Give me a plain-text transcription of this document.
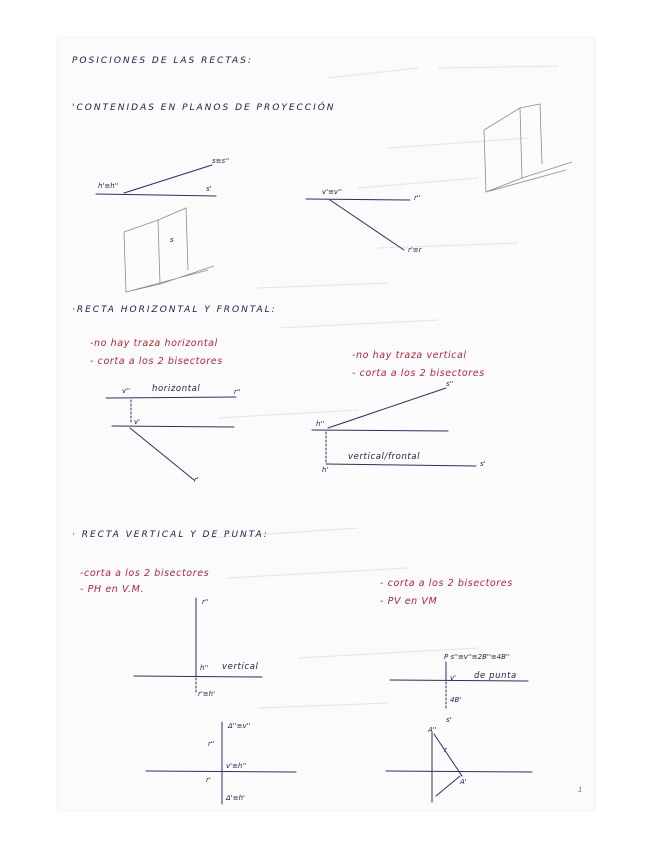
POSICIONES DE LAS RECTAS:
'CONTENIDAS EN PLANOS DE PROYECCIÓN
·RECTA HORIZONTAL Y FRONTAL:
· RECTA VERTICAL Y DE PUNTA:
s≡s''
h'≡h''	s'
s
v'≡v''
r''
r'≡r
-no hay traza horizontal
- corta a los 2 bisectores
-no hay traza vertical
- corta a los 2 bisectores
v''	horizontal	r''
v'
r'
s''
h''
vertical/frontal
h'
s'
-corta a los 2 bisectores
- PH en V.M.
- corta a los 2 bisectores
- PV en VM
r''
h'' vertical
r'≡h'
Δ''≡v''
r''
v'≡h''
r'
Δ'≡h'
P s''≡v''≡2B''≡4B''
v' de punta
4B'
s'
A''
r
A'
1
